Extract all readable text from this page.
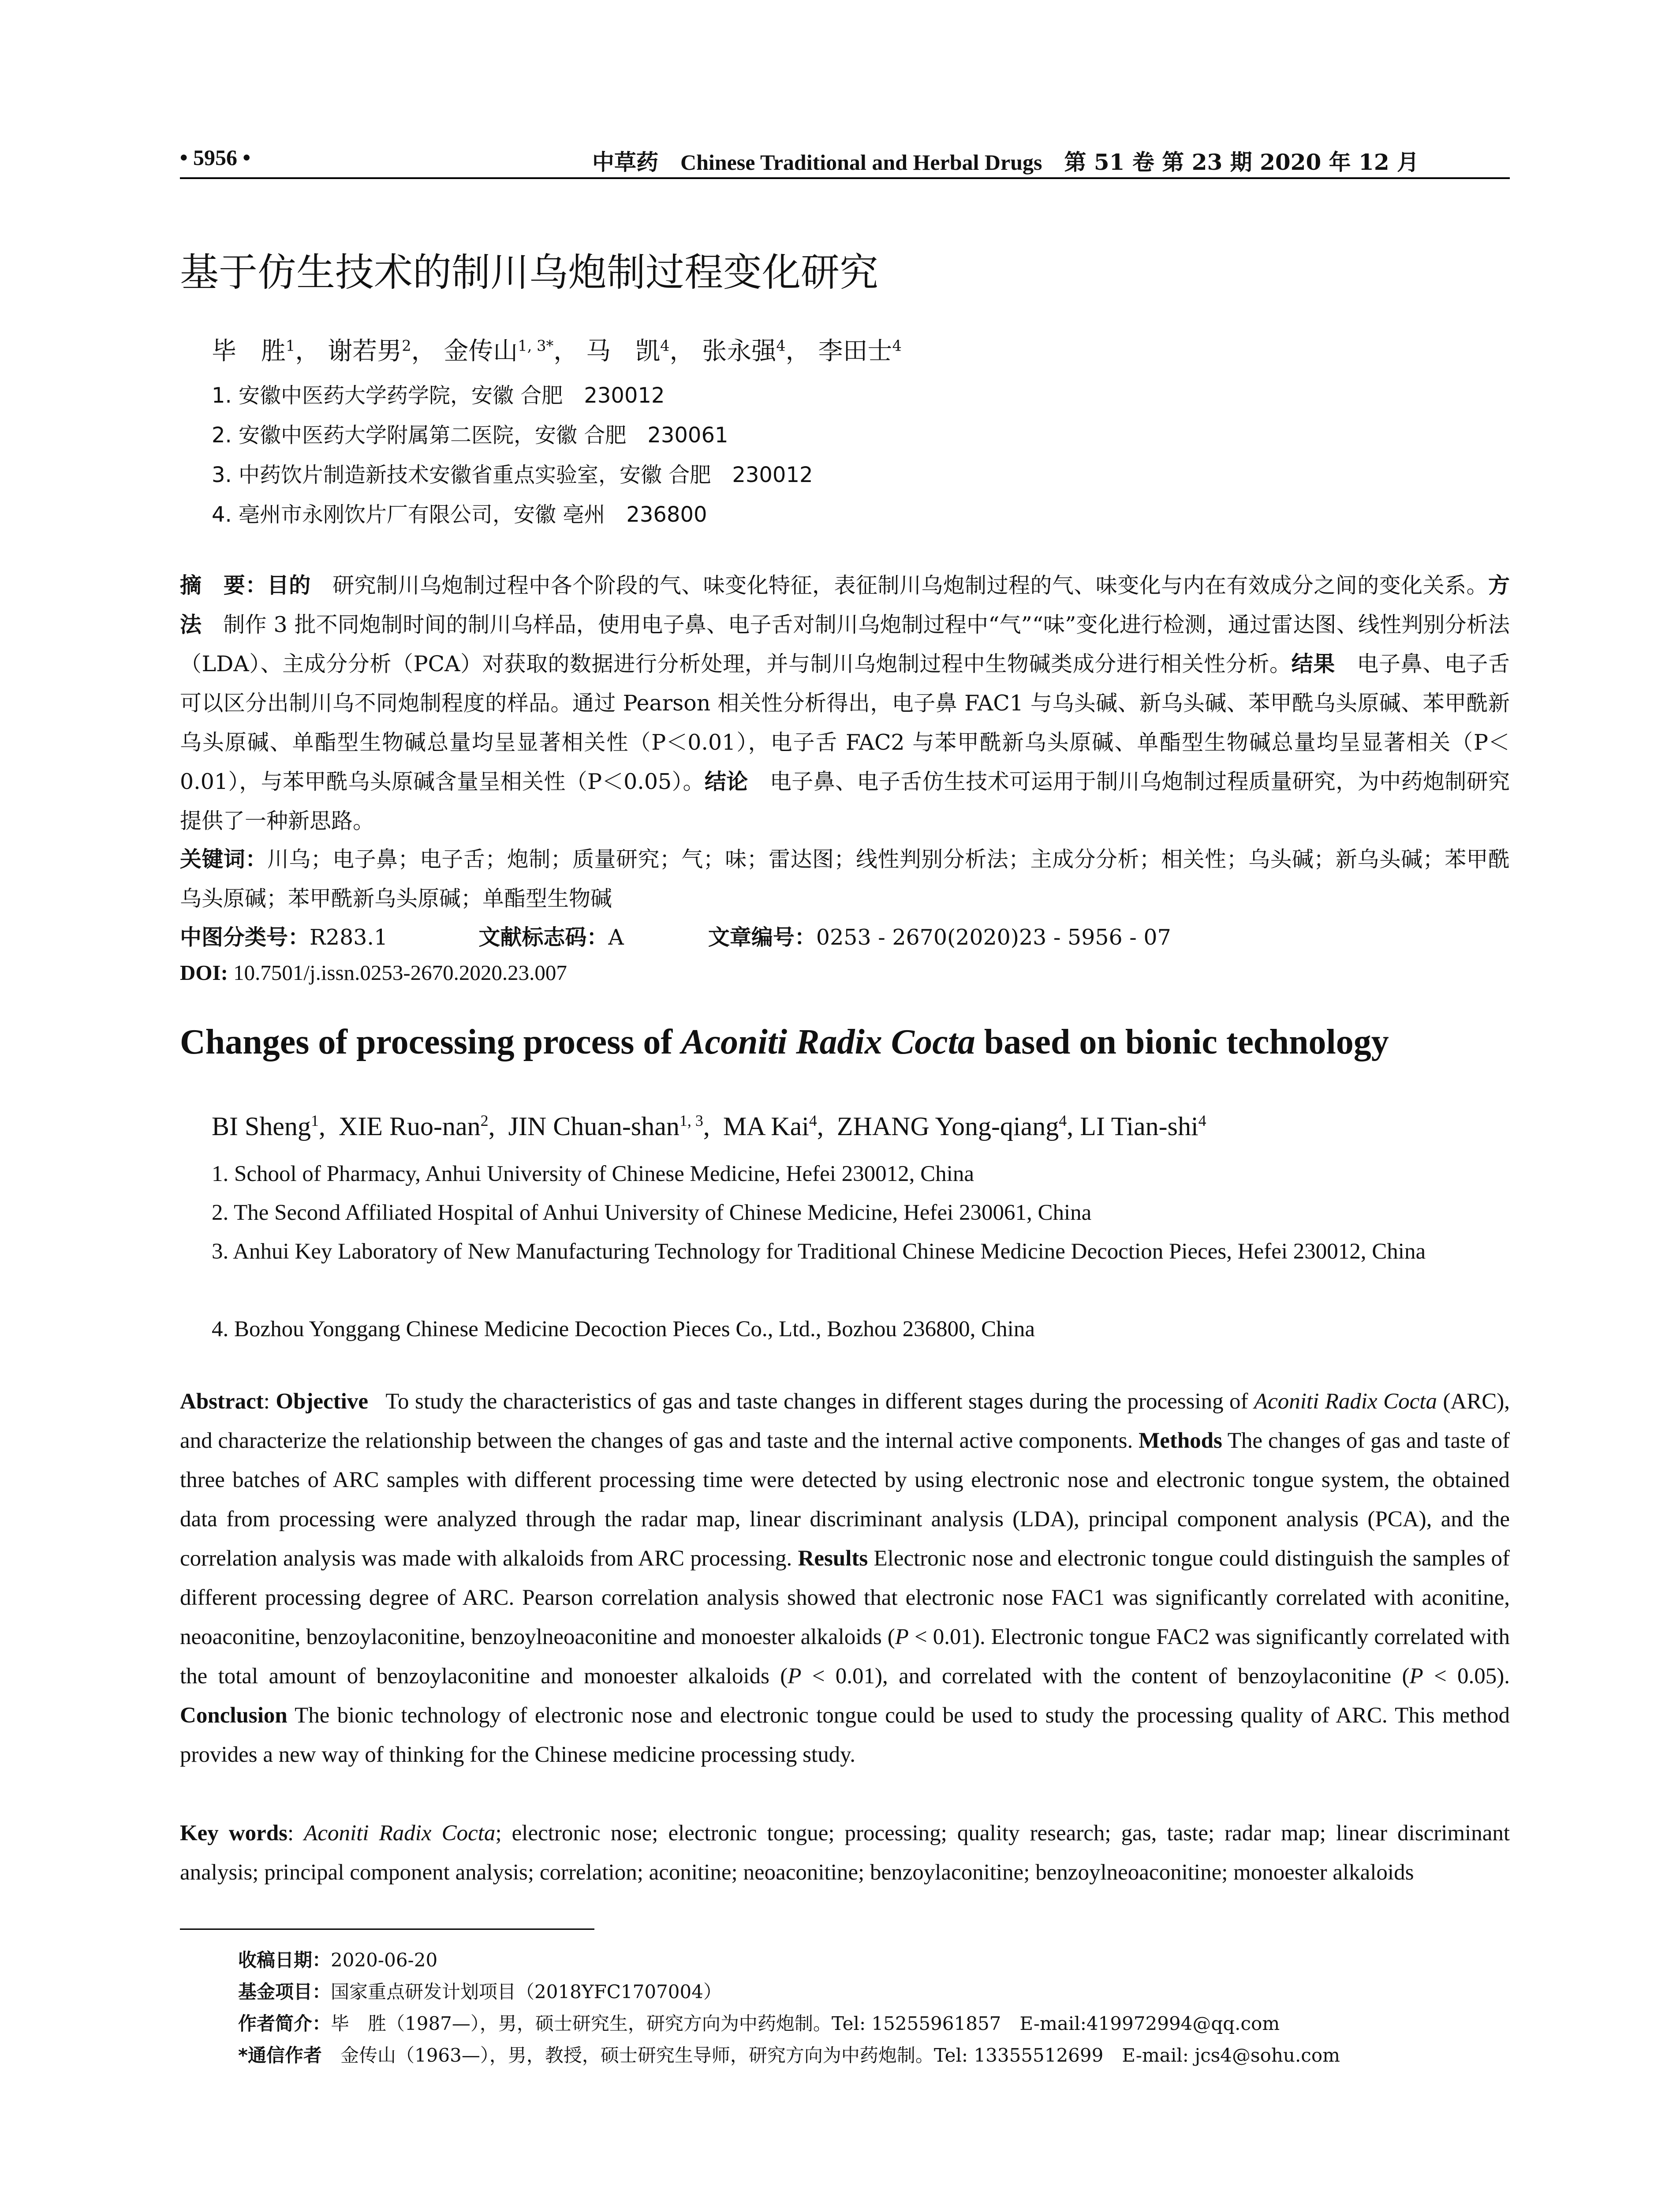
• 5956 •	中草药 Chinese Traditional and Herbal Drugs 第 51 卷 第 23 期 2020 年 12 月
基于仿生技术的制川乌炮制过程变化研究
毕　胜$^1$， 谢若男$^2$， 金传山$^{1, 3*}$， 马　凯$^4$， 张永强$^4$， 李田士$^4$
1. 安徽中医药大学药学院，安徽 合肥　230012
2. 安徽中医药大学附属第二医院，安徽 合肥　230061
3. 中药饮片制造新技术安徽省重点实验室，安徽 合肥　230012
4. 亳州市永刚饮片厂有限公司，安徽 亳州　236800
摘　要：目的　研究制川乌炮制过程中各个阶段的气、味变化特征，表征制川乌炮制过程的气、味变化与内在有效成分之间的变化关系。方法　制作 3 批不同炮制时间的制川乌样品，使用电子鼻、电子舌对制川乌炮制过程中“气”“味”变化进行检测，通过雷达图、线性判别分析法（LDA）、主成分分析（PCA）对获取的数据进行分析处理，并与制川乌炮制过程中生物碱类成分进行相关性分析。结果　电子鼻、电子舌可以区分出制川乌不同炮制程度的样品。通过 Pearson 相关性分析得出，电子鼻 FAC1 与乌头碱、新乌头碱、苯甲酰乌头原碱、苯甲酰新乌头原碱、单酯型生物碱总量均呈显著相关性（P＜0.01），电子舌 FAC2 与苯甲酰新乌头原碱、单酯型生物碱总量均呈显著相关（P＜0.01），与苯甲酰乌头原碱含量呈相关性（P＜0.05）。结论　电子鼻、电子舌仿生技术可运用于制川乌炮制过程质量研究，为中药炮制研究提供了一种新思路。
关键词：川乌；电子鼻；电子舌；炮制；质量研究；气；味；雷达图；线性判别分析法；主成分分析；相关性；乌头碱；新乌头碱；苯甲酰乌头原碱；苯甲酰新乌头原碱；单酯型生物碱
中图分类号：R283.1	文献标志码：A	文章编号：0253 - 2670(2020)23 - 5956 - 07
DOI: 10.7501/j.issn.0253-2670.2020.23.007
Changes of processing process of Aconiti Radix Cocta based on bionic technology
BI Sheng$^1$,  XIE Ruo-nan$^2$,  JIN Chuan-shan$^{1, 3}$,  MA Kai$^4$,  ZHANG Yong-qiang$^4$, LI Tian-shi$^4$
1. School of Pharmacy, Anhui University of Chinese Medicine, Hefei 230012, China
2. The Second Affiliated Hospital of Anhui University of Chinese Medicine, Hefei 230061, China
3. Anhui Key Laboratory of New Manufacturing Technology for Traditional Chinese Medicine Decoction Pieces, Hefei 230012, China
4. Bozhou Yonggang Chinese Medicine Decoction Pieces Co., Ltd., Bozhou 236800, China
Abstract: Objective To study the characteristics of gas and taste changes in different stages during the processing of Aconiti Radix Cocta (ARC), and characterize the relationship between the changes of gas and taste and the internal active components. Methods The changes of gas and taste of three batches of ARC samples with different processing time were detected by using electronic nose and electronic tongue system, the obtained data from processing were analyzed through the radar map, linear discriminant analysis (LDA), principal component analysis (PCA), and the correlation analysis was made with alkaloids from ARC processing. Results Electronic nose and electronic tongue could distinguish the samples of different processing degree of ARC. Pearson correlation analysis showed that electronic nose FAC1 was significantly correlated with aconitine, neoaconitine, benzoylaconitine, benzoylneoaconitine and monoester alkaloids (P < 0.01). Electronic tongue FAC2 was significantly correlated with the total amount of benzoylaconitine and monoester alkaloids (P < 0.01), and correlated with the content of benzoylaconitine (P < 0.05). Conclusion The bionic technology of electronic nose and electronic tongue could be used to study the processing quality of ARC. This method provides a new way of thinking for the Chinese medicine processing study.
Key words: Aconiti Radix Cocta; electronic nose; electronic tongue; processing; quality research; gas, taste; radar map; linear discriminant analysis; principal component analysis; correlation; aconitine; neoaconitine; benzoylaconitine; benzoylneoaconitine; monoester alkaloids
收稿日期：2020-06-20
基金项目：国家重点研发计划项目（2018YFC1707004）
作者简介：毕　胜（1987—），男，硕士研究生，研究方向为中药炮制。Tel: 15255961857　E-mail:419972994@qq.com
*通信作者　金传山（1963—），男，教授，硕士研究生导师，研究方向为中药炮制。Tel: 13355512699　E-mail: jcs4@sohu.com
